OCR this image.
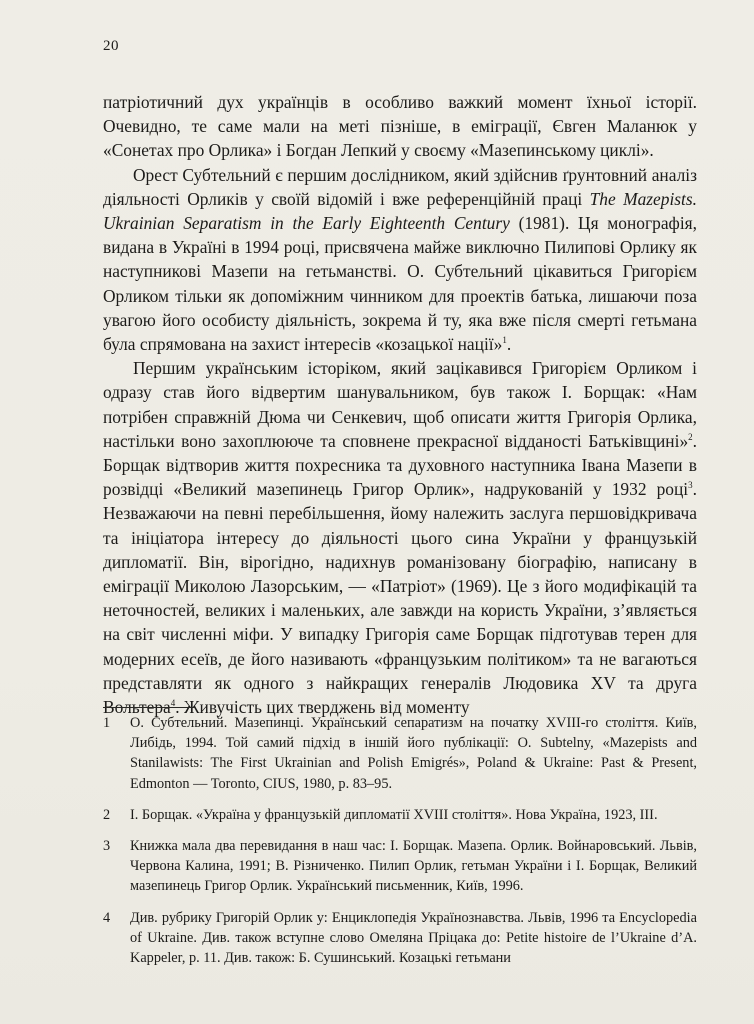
20

патріотичний дух українців в особливо важкий момент їхньої історії. Очевидно, те саме мали на меті пізніше, в еміграції, Євген Маланюк у «Сонетах про Орлика» і Богдан Лепкий у своєму «Мазепинському циклі».

Орест Субтельний є першим дослідником, який здійснив ґрунтовний аналіз діяльності Орликів у своїй відомій і вже референційній праці The Mazepists. Ukrainian Separatism in the Early Eighteenth Century (1981). Ця монографія, видана в Україні в 1994 році, присвячена майже виключно Пилипові Орлику як наступникові Мазепи на гетьманстві. О. Субтельний цікавиться Григорієм Орликом тільки як допоміжним чинником для проектів батька, лишаючи поза увагою його особисту діяльність, зокрема й ту, яка вже після смерті гетьмана була спрямована на захист інтересів «козацької нації»$^1$.

Першим українським історіком, який зацікавився Григорієм Орликом і одразу став його відвертим шанувальником, був також І. Борщак: «Нам потрібен справжній Дюма чи Сенкевич, щоб описати життя Григорія Орлика, настільки воно захоплююче та сповнене прекрасної відданості Батьківщині»$^2$. Борщак відтворив життя похресника та духовного наступника Івана Мазепи в розвідці «Великий мазепинець Григор Орлик», надрукованій у 1932 році$^3$. Незважаючи на певні перебільшення, йому належить заслуга першовідкривача та ініціатора інтересу до діяльності цього сина України у французькій дипломатії. Він, вірогідно, надихнув романізовану біографію, написану в еміграції Миколою Лазорським, — «Патріот» (1969). Це з його модифікацій та неточностей, великих і маленьких, але завжди на користь України, з’являється на світ численні міфи. У випадку Григорія саме Борщак підготував терен для модерних есеїв, де його називають «французьким політиком» та не вагаються представляти як одного з найкращих генералів Людовика XV та друга Вольтера$^4$. Живучість цих тверджень від моменту

1	О. Субтельний. Мазепинці. Український сепаратизм на початку XVIII-го століття. Київ, Либідь, 1994. Той самий підхід в іншій його публікації: O. Subtelny, «Mazepists and Stanilawists: The First Ukrainian and Polish Emigrés», Poland & Ukraine: Past & Present, Edmonton — Toronto, CIUS, 1980, p. 83–95.
2	І. Борщак. «Україна у французькій дипломатії XVIII століття». Нова Україна, 1923, III.
3	Книжка мала два перевидання в наш час: І. Борщак. Мазепа. Орлик. Войнаровський. Львів, Червона Калина, 1991; В. Різниченко. Пилип Орлик, гетьман України і І. Борщак, Великий мазепинець Григор Орлик. Український письменник, Київ, 1996.
4	Див. рубрику Григорій Орлик у: Енциклопедія Українознавства. Львів, 1996 та Encyclopedia of Ukraine. Див. також вступне слово Омеляна Пріцака до: Petite histoire de l’Ukraine d’A. Kappeler, p. 11. Див. також: Б. Сушинський. Козацькі гетьмани
